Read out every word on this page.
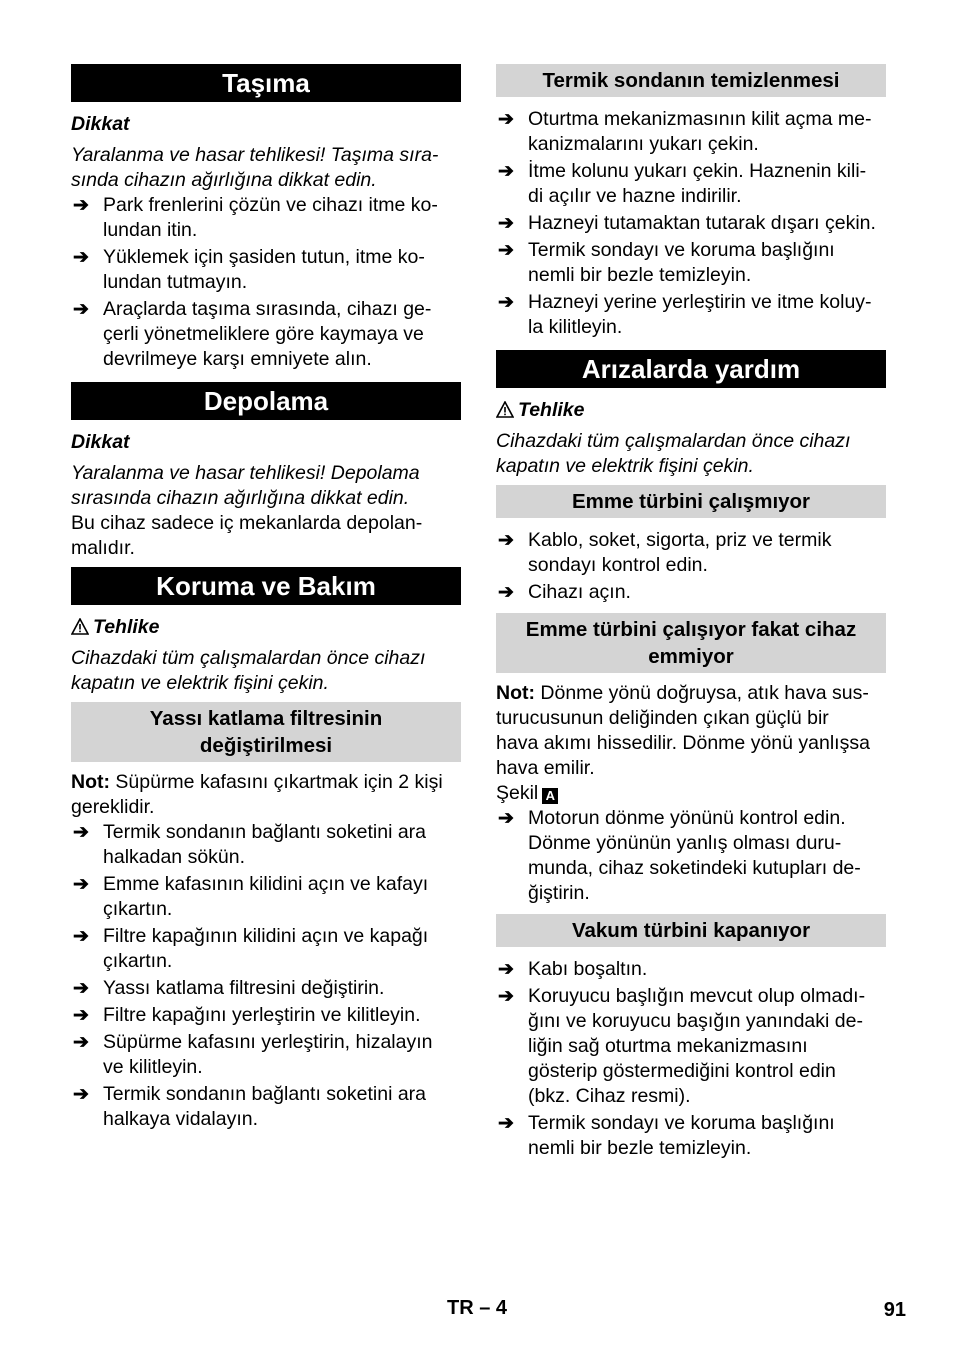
Taşıma

Dikkat

Yaralanma ve hasar tehlikesi! Taşıma sıra-
sında cihazın ağırlığına dikkat edin.
➔ Park frenlerini çözün ve cihazı itme ko-
lundan itin.
➔ Yüklemek için şasiden tutun, itme ko-
lundan tutmayın.
➔ Araçlarda taşıma sırasında, cihazı ge-
çerli yönetmeliklere göre kaymaya ve
devrilmeye karşı emniyete alın.
Depolama

Dikkat

Yaralanma ve hasar tehlikesi! Depolama
sırasında cihazın ağırlığına dikkat edin.
Bu cihaz sadece iç mekanlarda depolan-
malıdır.
Koruma ve Bakım

Tehlike

Cihazdaki tüm çalışmalardan önce cihazı
kapatın ve elektrik fişini çekin.
Yassı katlama filtresinin
değiştirilmesi
Not: Süpürme kafasını çıkartmak için 2 kişi
gereklidir.
➔ Termik sondanın bağlantı soketini ara
halkadan sökün.
➔ Emme kafasının kilidini açın ve kafayı
çıkartın.
➔ Filtre kapağının kilidini açın ve kapağı
çıkartın.
➔ Yassı katlama filtresini değiştirin.
➔ Filtre kapağını yerleştirin ve kilitleyin.
➔ Süpürme kafasını yerleştirin, hizalayın
ve kilitleyin.
➔ Termik sondanın bağlantı soketini ara
halkaya vidalayın.
Termik sondanın temizlenmesi
➔ Oturtma mekanizmasının kilit açma me-
kanizmalarını yukarı çekin.
➔ İtme kolunu yukarı çekin. Haznenin kili-
di açılır ve hazne indirilir.
➔ Hazneyi tutamaktan tutarak dışarı çekin.
➔ Termik sondayı ve koruma başlığını
nemli bir bezle temizleyin.
➔ Hazneyi yerine yerleştirin ve itme koluy-
la kilitleyin.
Arızalarda yardım

Tehlike

Cihazdaki tüm çalışmalardan önce cihazı
kapatın ve elektrik fişini çekin.
Emme türbini çalışmıyor
➔ Kablo, soket, sigorta, priz ve termik
sondayı kontrol edin.
➔ Cihazı açın.
Emme türbini çalışıyor fakat cihaz
emmiyor
Not: Dönme yönü doğruysa, atık hava sus-
turucusunun deliğinden çıkan güçlü bir
hava akımı hissedilir. Dönme yönü yanlışsa
hava emilir.
Şekil A
➔ Motorun dönme yönünü kontrol edin.
Dönme yönünün yanlış olması duru-
munda, cihaz soketindeki kutupları de-
ğiştirin.
Vakum türbini kapanıyor
➔ Kabı boşaltın.
➔ Koruyucu başlığın mevcut olup olmadı-
ğını ve koruyucu başığın yanındaki de-
liğin sağ oturtma mekanizmasını
gösterip göstermediğini kontrol edin
(bkz. Cihaz resmi).
➔ Termik sondayı ve koruma başlığını
nemli bir bezle temizleyin.
TR – 4	91
